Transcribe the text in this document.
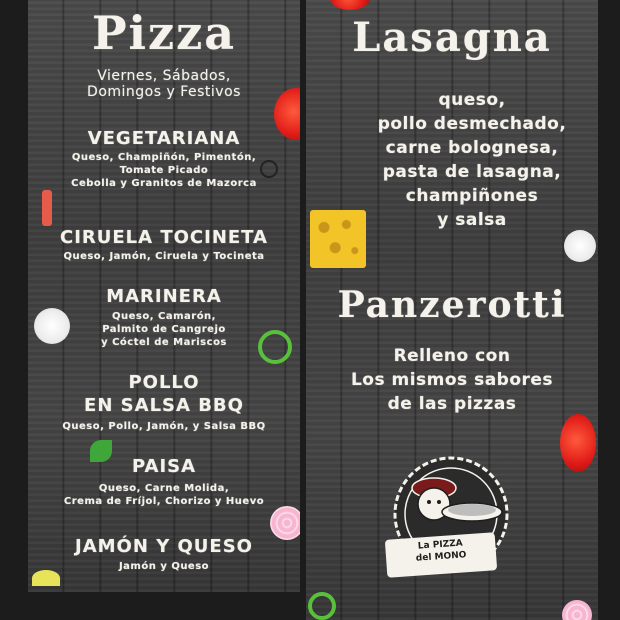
Pizza
Viernes, Sábados,
Domingos y Festivos
VEGETARIANA
Queso, Champiñón, Pimentón,
Tomate Picado
Cebolla y Granitos de Mazorca
CIRUELA TOCINETA
Queso, Jamón, Ciruela y Tocineta
MARINERA
Queso, Camarón,
Palmito de Cangrejo
y Cóctel de Mariscos
POLLO
EN SALSA BBQ
Queso, Pollo, Jamón, y Salsa BBQ
PAISA
Queso, Carne Molida,
Crema de Fríjol, Chorizo y Huevo
JAMÓN Y QUESO
Jamón y Queso
Lasagna
queso,
pollo desmechado,
carne bolognesa,
pasta de lasagna,
champiñones
y salsa
Panzerotti
Relleno con
Los mismos sabores
de las pizzas
La PIZZA
del MONO
